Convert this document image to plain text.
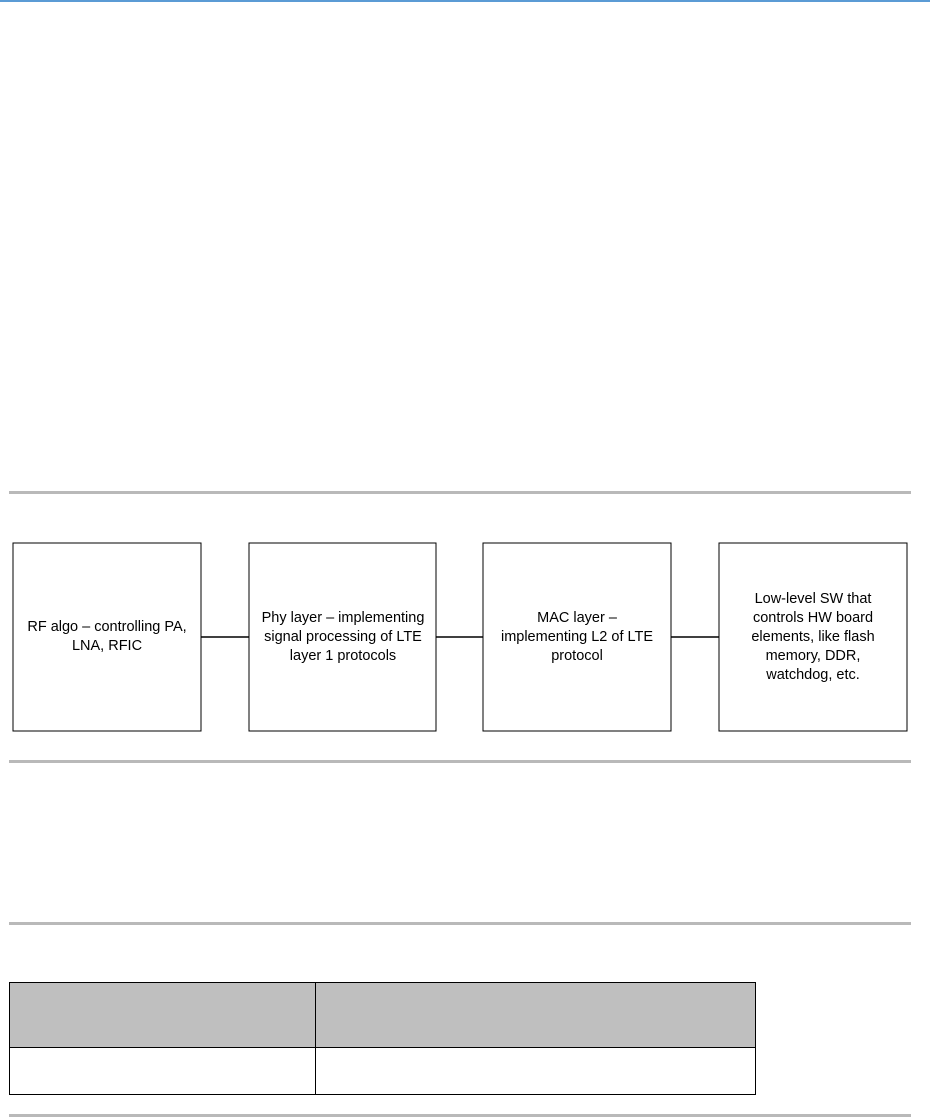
RF algo – controlling PA,
LNA, RFIC
Phy layer – implementing
signal processing of LTE
layer 1 protocols
MAC layer –
implementing L2 of LTE
protocol
Low-level SW that
controls HW board
elements, like flash
memory, DDR,
watchdog, etc.
